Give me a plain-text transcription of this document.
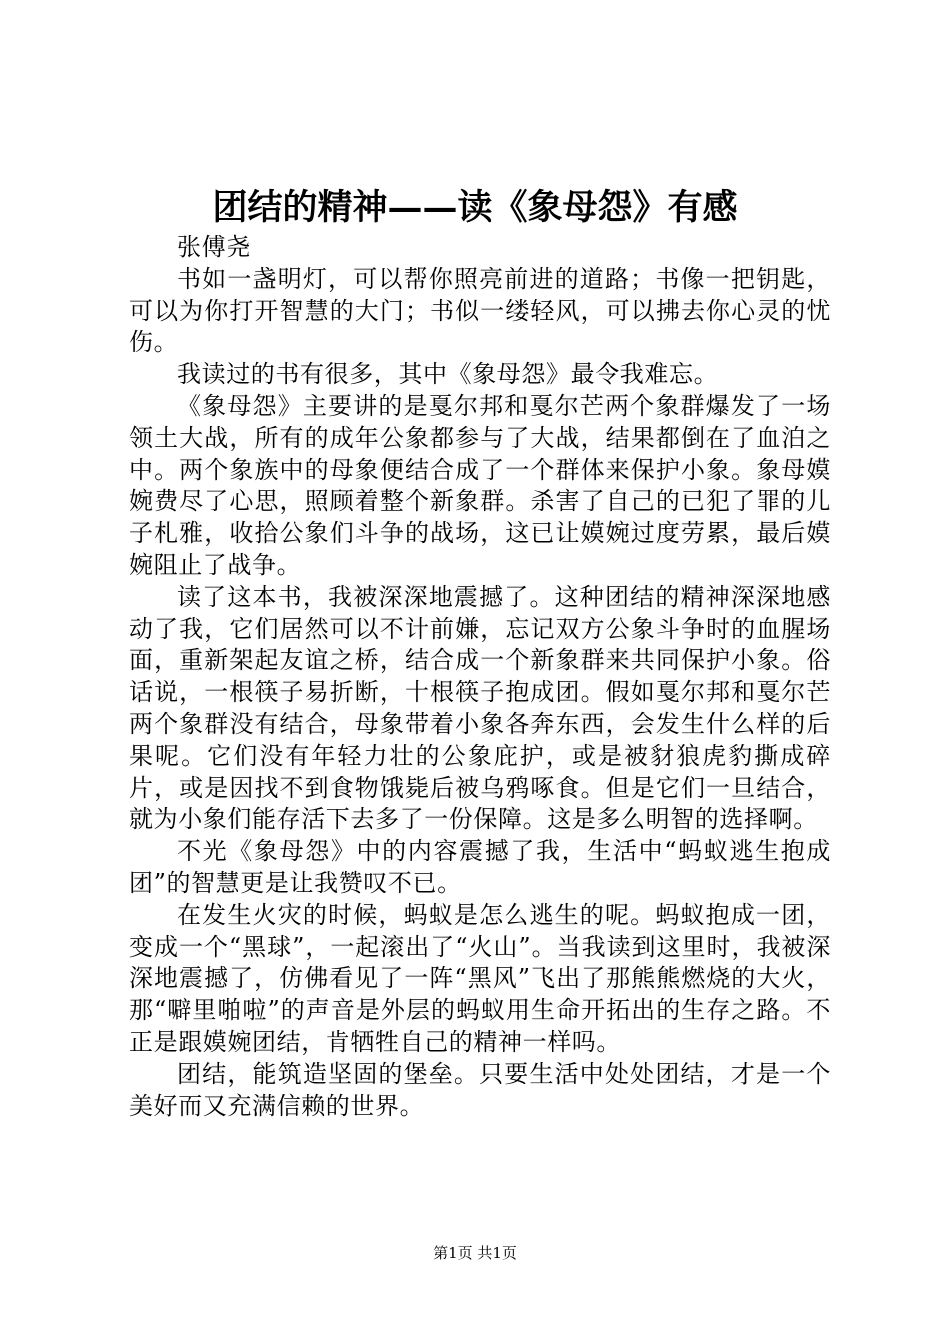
团结的精神——读《象母怨》有感

张傅尧

书如一盏明灯，可以帮你照亮前进的道路；书像一把钥匙，可以为你打开智慧的大门；书似一缕轻风，可以拂去你心灵的忧伤。

我读过的书有很多，其中《象母怨》最令我难忘。

《象母怨》主要讲的是戛尔邦和戛尔芒两个象群爆发了一场领土大战，所有的成年公象都参与了大战，结果都倒在了血泊之中。两个象族中的母象便结合成了一个群体来保护小象。象母嫫婉费尽了心思，照顾着整个新象群。杀害了自己的已犯了罪的儿子札雅，收拾公象们斗争的战场，这已让嫫婉过度劳累，最后嫫婉阻止了战争。

读了这本书，我被深深地震撼了。这种团结的精神深深地感动了我，它们居然可以不计前嫌，忘记双方公象斗争时的血腥场面，重新架起友谊之桥，结合成一个新象群来共同保护小象。俗话说，一根筷子易折断，十根筷子抱成团。假如戛尔邦和戛尔芒两个象群没有结合，母象带着小象各奔东西，会发生什么样的后果呢。它们没有年轻力壮的公象庇护，或是被豺狼虎豹撕成碎片，或是因找不到食物饿毙后被乌鸦啄食。但是它们一旦结合，就为小象们能存活下去多了一份保障。这是多么明智的选择啊。

不光《象母怨》中的内容震撼了我，生活中“蚂蚁逃生抱成团”的智慧更是让我赞叹不已。

在发生火灾的时候，蚂蚁是怎么逃生的呢。蚂蚁抱成一团，变成一个“黑球”，一起滚出了“火山”。当我读到这里时，我被深深地震撼了，仿佛看见了一阵“黑风”飞出了那熊熊燃烧的大火，那“噼里啪啦”的声音是外层的蚂蚁用生命开拓出的生存之路。不正是跟嫫婉团结，肯牺牲自己的精神一样吗。

团结，能筑造坚固的堡垒。只要生活中处处团结，才是一个美好而又充满信赖的世界。

第1页 共1页
